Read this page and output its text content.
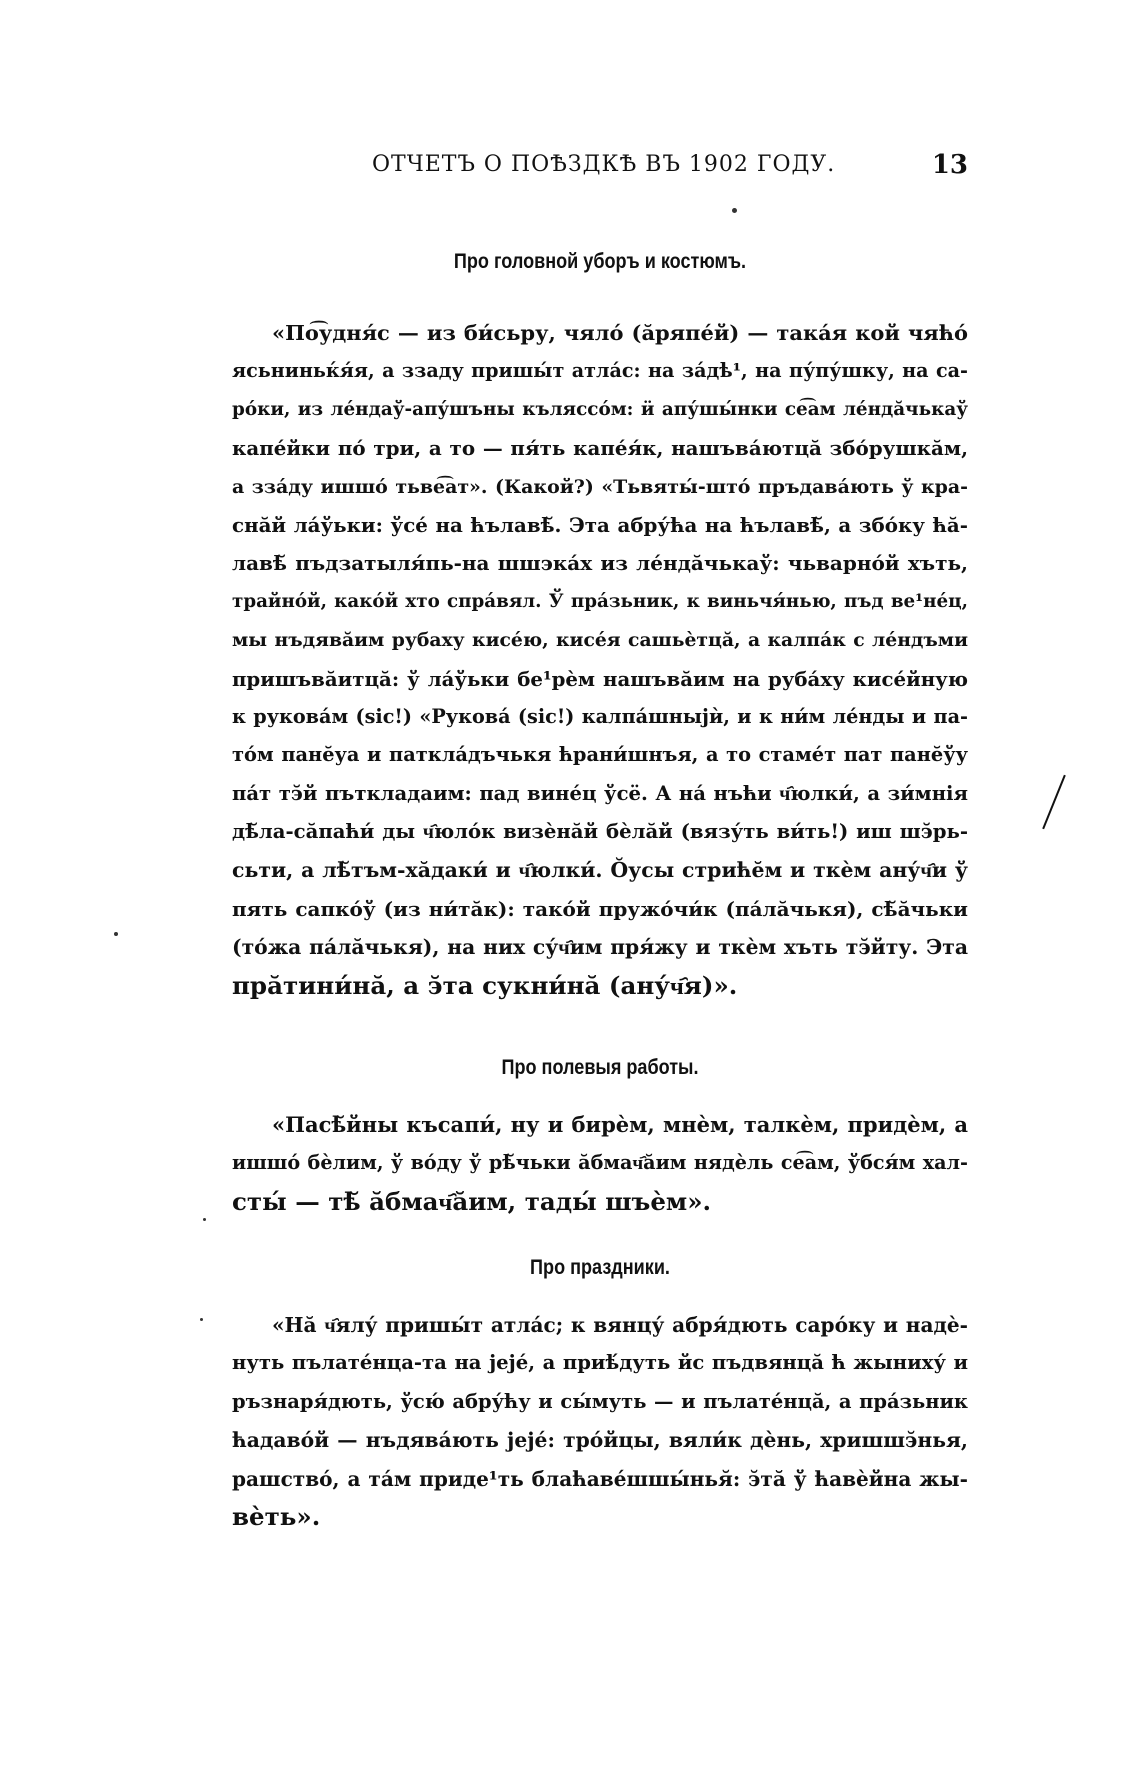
ОТЧЕТЪ О ПОѢЗДКѢ ВЪ 1902 ГОДУ.	13
Про головной уборъ и костюмъ.
«По͡удня́с — из би́сьру, чяло́ (ӑряпе́й) — така́я кой чяћо́
ясьниньќя́я, а ззаду пришы́т атла́с: на за́дѣ¹, на пу́пу́шку, на са-
ро́ки, из ле́ндаў-апу́шъны къляссо́м: ӥ апу́шы́нки се͡ам ле́ндӑчькаў
капе́йки по́ три, а то — пя́ть капе́я́к, нашъва́ютцӑ збо́рушкӑм,
а зза́ду ишшо́ тьве͡ат». (Какой?) «Тьвяты́-што́ пръдава́ють ў кра-
снӑй ла́ўьки: ўсе́ на ћълавѣ̆. Эта абру́ћа на ћълавѣ̆, а збо́ку ћӑ-
лавѣ̆ пъдзатыля́пь-на шшэка́х из ле́ндӑчькаў: чьварно́й хъть,
трайно́й, како́й хто спра́вял. Ў пра́зьник, к виньчя́нью, пъд ве¹не́ц,
мы нъдявӑим рубаху кисе́ю, кисе́я сашьѐтцӑ, а калпа́к с ле́ндъми
пришъвӑитцӑ: ў ла́ўьки бе¹рѐм нашъвӑим на руба́ху кисе́йную
к рукова́м (sic!) «Рукова́ (sic!) калпа́шныјѝ, и к ни́м ле́нды и па-
то́м панӗуа и паткла́дъчькя ћрани́шнъя, а то стаме́т пат панӗўу
па́т тэ̆й пъткладаим: пад вине́ц ўсё. А на́ нъћи ч҄юлки́, а зи́мнія
дѣ̆ла-сӑпаћи́ ды ч҄юло́к визѐнӑй бѐлӑй (вязу́ть ви́ть!) иш шэ̆рь-
сьти, а лѣ̆тъм-хӑдаки́ и ч҄юлки́. О̆усы стрићӗм и ткѐм ану́ч҄и ў
пять сапко́ў (из ни́тӑк): тако́й пружо́чи́к (па́лӑчькя), сѣ̆ӑчьки
(то́жа па́лӑчькя), на них су́ч҄им пря́жу и ткѐм хъть тэ̆йту. Эта
прӑтини́нӑ, а э̆та сукни́нӑ (ану́ч҄я)».
Про полевыя работы.
«Пасѣ̆йны късапи́, ну и бирѐм, мнѐм, талкѐм, придѐм, а
ишшо́ бѐлим, ў во́ду ў рѣ̆чьки ӑбмач҄ӑим нядѐль се͡ам, ўбся́м хал-
сты́ — тѣ̆ ӑбмач҄ӑим, тады́ шъѐм».
Про праздники.
«Нӑ ч҄ялу́ пришы́т атла́с; к вянцу́ абря́дють саро́ку и надѐ-
нуть пълате́нца-та на јеје́, а приѣ́дуть йс пъдвянцӑ ћ жыниху́ и
ръзнаря́дють, ўсю́ абру́ћу и сы́муть — и пълате́нцӑ, а пра́зьник
ћадаво́й — нъдява́ють јеје́: тро́йцы, вяли́к дѐнь, хришшэ̆нья,
рашство́, а та́м приде¹ть блаћаве́шшы́нья̆: э̆тӑ ў ћавѐйна жы-
вѐть».
